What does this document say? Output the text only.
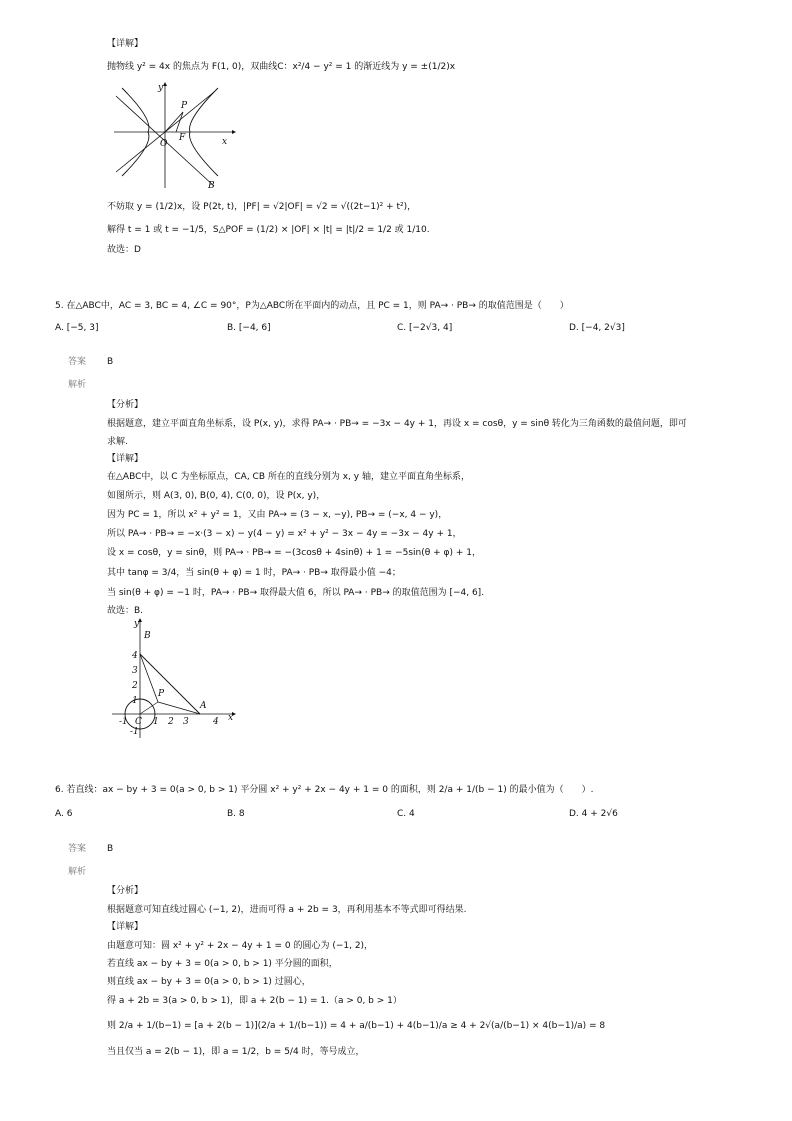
【详解】
抛物线 y² = 4x 的焦点为 F(1, 0)，双曲线C：x²/4 − y² = 1 的渐近线为 y = ±(1/2)x
y
x
P
O
F
B
不妨取 y = (1/2)x，设 P(2t, t)，|PF| = √2|OF| = √2 = √((2t−1)² + t²)，
解得 t = 1 或 t = −1/5，S△POF = (1/2) × |OF| × |t| = |t|/2 = 1/2 或 1/10.
故选：D
5. 在△ABC中，AC = 3, BC = 4, ∠C = 90°，P为△ABC所在平面内的动点，且 PC = 1，则 PA→ · PB→ 的取值范围是（　　）
A. [−5, 3]	B. [−4, 6]	C. [−2√3, 4]	D. [−4, 2√3]
答案 B
解析
【分析】
根据题意，建立平面直角坐标系，设 P(x, y)，求得 PA→ · PB→ = −3x − 4y + 1，再设 x = cosθ，y = sinθ 转化为三角函数的最值问题，即可
求解.
【详解】
在△ABC中，以 C 为坐标原点，CA, CB 所在的直线分别为 x, y 轴，建立平面直角坐标系，
如图所示，则 A(3, 0), B(0, 4), C(0, 0)，设 P(x, y)，
因为 PC = 1，所以 x² + y² = 1，又由 PA→ = (3 − x, −y), PB→ = (−x, 4 − y)，
所以 PA→ · PB→ = −x·(3 − x) − y(4 − y) = x² + y² − 3x − 4y = −3x − 4y + 1，
设 x = cosθ，y = sinθ，则 PA→ · PB→ = −(3cosθ + 4sinθ) + 1 = −5sin(θ + φ) + 1，
其中 tanφ = 3/4，当 sin(θ + φ) = 1 时，PA→ · PB→ 取得最小值 −4；
当 sin(θ + φ) = −1 时，PA→ · PB→ 取得最大值 6，所以 PA→ · PB→ 的取值范围为 [−4, 6].
故选：B.
y
x
B
P
A
C
-1	1 2 3	4
4
3
2
1
-1
6. 若直线：ax − by + 3 = 0(a > 0, b > 1) 平分圆 x² + y² + 2x − 4y + 1 = 0 的面积，则 2/a + 1/(b − 1) 的最小值为（　　）.
A. 6	B. 8	C. 4	D. 4 + 2√6
答案 B
解析
【分析】
根据题意可知直线过圆心 (−1, 2)，进而可得 a + 2b = 3，再利用基本不等式即可得结果.
【详解】
由题意可知：圆 x² + y² + 2x − 4y + 1 = 0 的圆心为 (−1, 2)，
若直线 ax − by + 3 = 0(a > 0, b > 1) 平分圆的面积，
则直线 ax − by + 3 = 0(a > 0, b > 1) 过圆心，
得 a + 2b = 3(a > 0, b > 1)，即 a + 2(b − 1) = 1.（a > 0, b > 1）
则 2/a + 1/(b−1) = [a + 2(b − 1)](2/a + 1/(b−1)) = 4 + a/(b−1) + 4(b−1)/a ≥ 4 + 2√(a/(b−1) × 4(b−1)/a) = 8
当且仅当 a = 2(b − 1)，即 a = 1/2，b = 5/4 时，等号成立，
